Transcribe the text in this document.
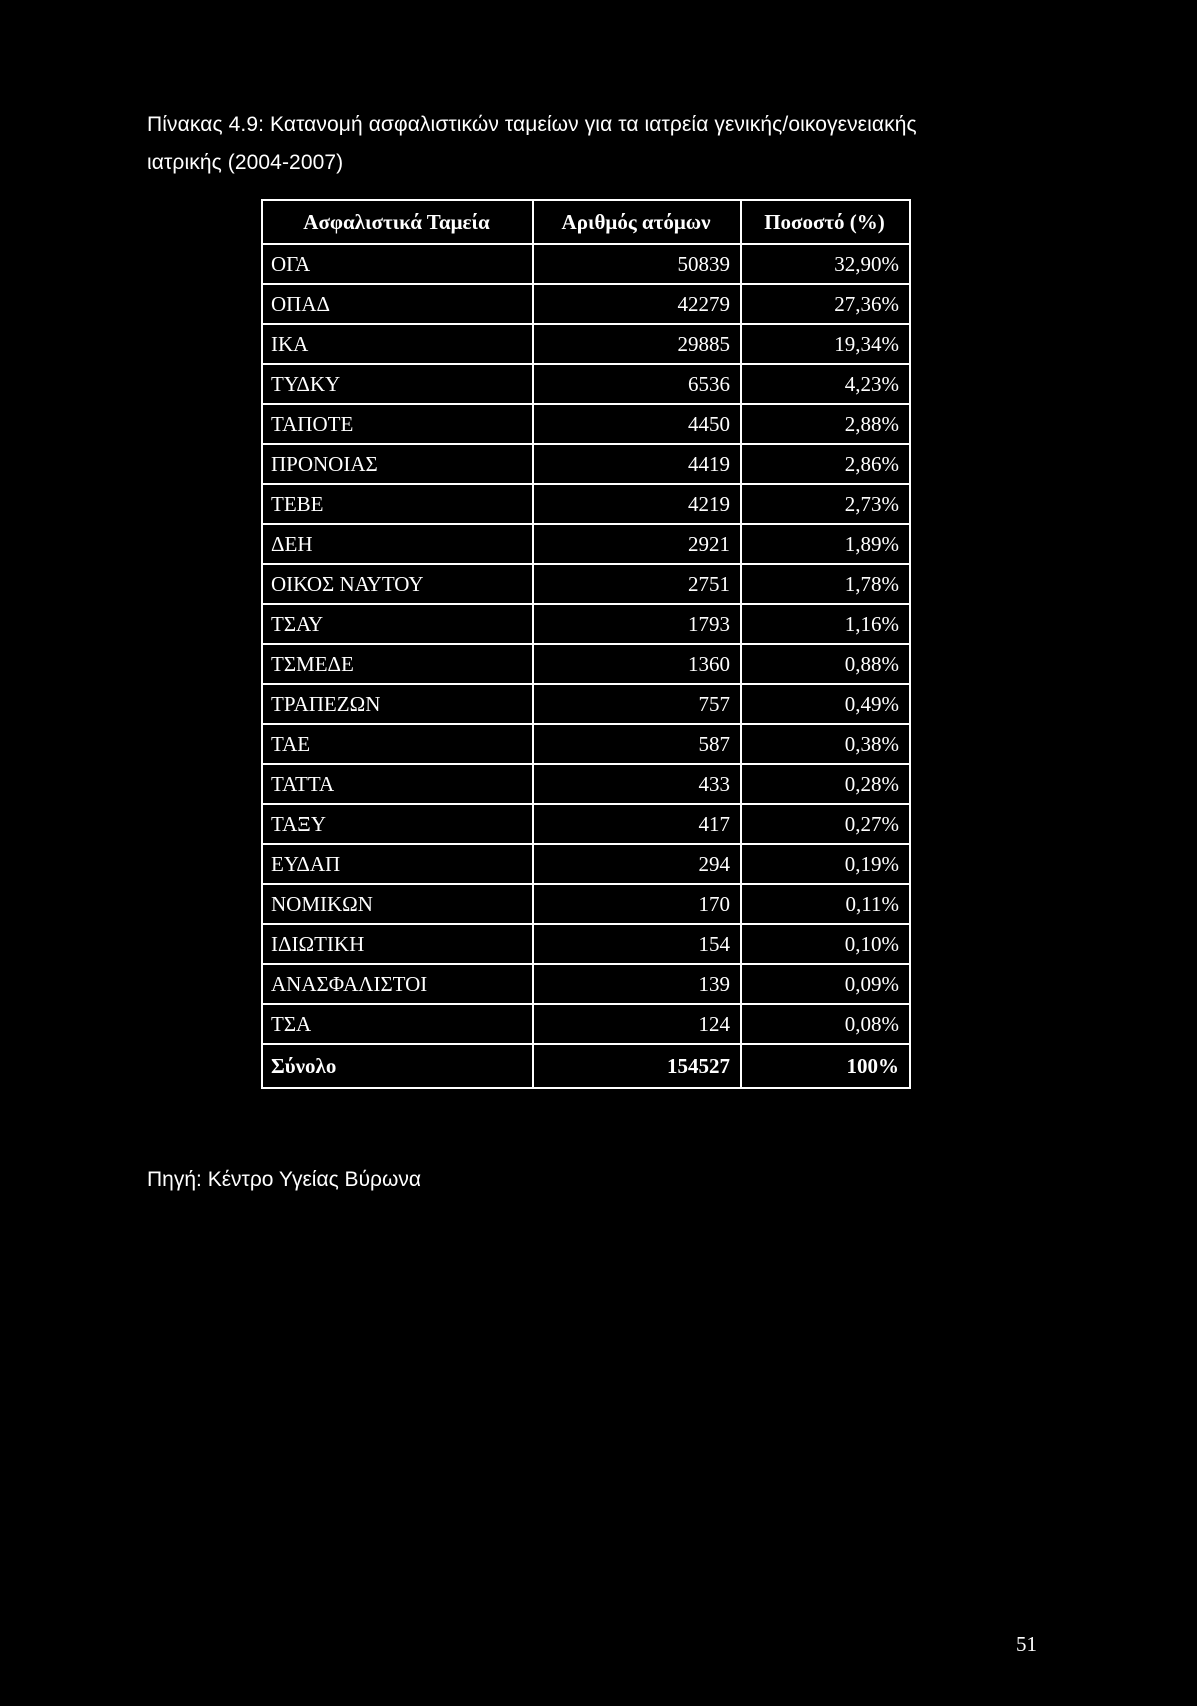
Πίνακας 4.9: Κατανομή ασφαλιστικών ταμείων για τα ιατρεία γενικής/οικογενειακής
ιατρικής (2004-2007)
Ασφαλιστικά Ταμεία	Αριθμός ατόμων	Ποσοστό (%)
ΟΓΑ	50839	32,90%
ΟΠΑΔ	42279	27,36%
ΙΚΑ	29885	19,34%
ΤΥΔΚΥ	6536	4,23%
ΤΑΠΟΤΕ	4450	2,88%
ΠΡΟΝΟΙΑΣ	4419	2,86%
ΤΕΒΕ	4219	2,73%
ΔΕΗ	2921	1,89%
ΟΙΚΟΣ ΝΑΥΤΟΥ	2751	1,78%
ΤΣΑΥ	1793	1,16%
ΤΣΜΕΔΕ	1360	0,88%
ΤΡΑΠΕΖΩΝ	757	0,49%
ΤΑΕ	587	0,38%
ΤΑΤΤΑ	433	0,28%
ΤΑΞΥ	417	0,27%
ΕΥΔΑΠ	294	0,19%
ΝΟΜΙΚΩΝ	170	0,11%
ΙΔΙΩΤΙΚΗ	154	0,10%
ΑΝΑΣΦΑΛΙΣΤΟΙ	139	0,09%
ΤΣΑ	124	0,08%
Σύνολο	154527	100%
Πηγή: Κέντρο Υγείας Βύρωνα
51
